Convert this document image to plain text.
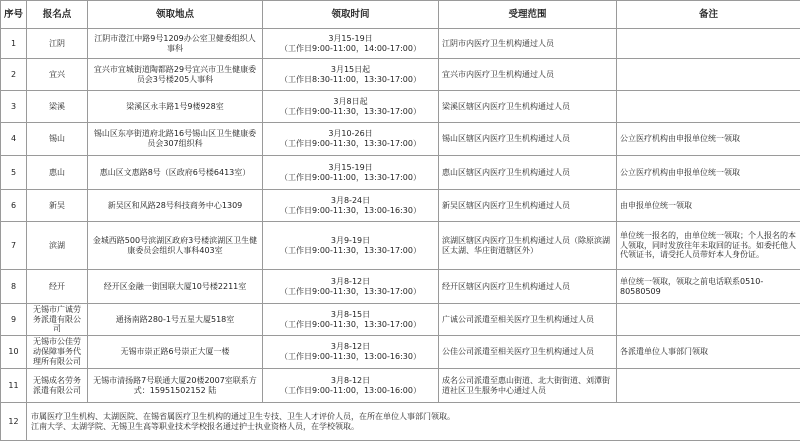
序号	报名点	领取地点	领取时间	受理范围	备注
1	江阴	江阴市澄江中路9号1209办公室卫健委组织人事科	3月15-19日
（工作日9:00-11:00，14:00-17:00）	江阴市内医疗卫生机构通过人员	
2	宜兴	宜兴市宜城街道陶都路29号宜兴市卫生健康委员会3号楼205人事科	3月15日起
（工作日8:30-11:00，13:30-17:00）	宜兴市内医疗卫生机构通过人员	
3	梁溪	梁溪区永丰路1号9楼928室	3月8日起
（工作日9:00-11:30，13:30-17:00）	梁溪区辖区内医疗卫生机构通过人员	
4	锡山	锡山区东亭街道府北路16号锡山区卫生健康委员会307组织科	3月10-26日
（工作日9:00-11:30，13:30-17:00）	锡山区辖区内医疗卫生机构通过人员	公立医疗机构由申报单位统一领取
5	惠山	惠山区文惠路8号（区政府6号楼6413室）	3月15-19日
（工作日9:00-11:00，13:30-17:00）	惠山区辖区内医疗卫生机构通过人员	公立医疗机构由申报单位统一领取
6	新吴	新吴区和风路28号科技商务中心1309	3月8-24日
（工作日9:00-11:30，13:00-16:30）	新吴区辖区内医疗卫生机构通过人员	由申报单位统一领取
7	滨湖	金城西路500号滨湖区政府3号楼滨湖区卫生健康委员会组织人事科403室	3月9-19日
（工作日9:00-11:30，13:30-17:00）	滨湖区辖区内医疗卫生机构通过人员（除原滨湖区太湖、华庄街道辖区外）	单位统一报名的，由单位统一领取；个人报名的本人领取，同时发放往年未取回的证书。如委托他人代领证书，请受托人员带好本人身份证。
8	经开	经开区金融一街国联大厦10号楼2211室	3月8-12日
（工作日9:00-11:30，13:30-17:00）	经开区辖区内医疗卫生机构通过人员	单位统一领取，领取之前电话联系0510-80580509
9	无锡市广诚劳务派遣有限公司	通扬南路280-1号五星大厦518室	3月8-15日
（工作日9:00-11:30，13:30-17:00）	广诚公司派遣至相关医疗卫生机构通过人员	
10	无锡市公佳劳动保障事务代理所有限公司	无锡市崇正路6号崇正大厦一楼	3月8-12日
（工作日9:00-11:30，13:00-16:30）	公佳公司派遣至相关医疗卫生机构通过人员	各派遣单位人事部门领取
11	无锡成名劳务派遣有限公司	无锡市清扬路7号联通大厦20楼2007室联系方式：15951502152 陆	3月8-12日
（工作日9:00-11:00，13:00-16:00）	成名公司派遣至惠山街道、北大街街道、刘潭街道社区卫生服务中心通过人员	
12	市属医疗卫生机构、太湖医院、在锡省属医疗卫生机构的通过卫生专技、卫生人才评价人员，在所在单位人事部门领取。
江南大学、太湖学院、无锡卫生高等职业技术学校报名通过护士执业资格人员，在学校领取。				
